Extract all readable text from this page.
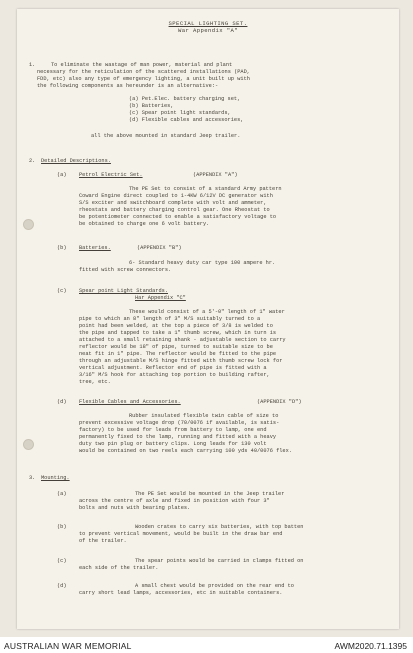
SPECIAL LIGHTING SET.
War Appendix "A"
1.	To eliminate the wastage of man power, material and plant
necessary for the reticulation of the scattered installations (PAD,
FDD, etc) also any type of emergency lighting, a unit built up with
the following components as hereunder is an alternative:-
(a) Pet.Elec. battery charging set,
(b) Batteries,
(c) Spear point light standards,
(d) Flexible cables and accessories,
all the above mounted in standard Jeep trailer.
2. Detailed Descriptions.
(a) Petrol Electric Set.	(APPENDIX "A")
The PE Set to consist of a standard Army pattern
Coward Engine direct coupled to 1-4KW 6/12V DC generator with
S/S exciter and switchboard complete with volt and ammeter,
rheostats and battery charging control gear. One Rheostat to
be potentiometer connected to enable a satisfactory voltage to
be obtained to charge one 6 volt battery.
(b) Batteries.	(APPENDIX "B")
6- Standard heavy duty car type 100 ampere hr.
fitted with screw connectors.
(c) Spear point Light Standards.
Har Appendix "C"
These would consist of a 5'-0" length of 1" water
pipe to which an 8" length of 3" M/S suitably turned to a
point had been welded, at the top a piece of 3/8 is welded to
the pipe and tapped to take a 1" thumb screw, which in turn is
attached to a small retaining shank - adjustable section to carry
reflector would be 18" of pipe, turned to suitable size to be
neat fit in 1" pipe. The reflector would be fitted to the pipe
through an adjustable M/S hinge fitted with thumb screw lock for
vertical adjustment. Reflector end of pipe is fitted with a
3/16" M/S hook for attaching top portion to building rafter,
tree, etc.
(d) Flexible Cables and Accessories.	(APPENDIX "D")
Rubber insulated flexible twin cable of size to
prevent excessive voltage drop (70/0076 if available, is satis-
factory) to be used for leads from battery to lamp, one end
permanently fixed to the lamp, running and fitted with a heavy
duty two pin plug or battery clips. Long leads for 130 volt
would be contained on two reels each carrying 100 yds 40/0076 flex.
3. Mounting.
(a)	The PE Set would be mounted in the Jeep trailer
across the centre of axle and fixed in position with four 3"
bolts and nuts with bearing plates.
(b)	Wooden crates to carry six batteries, with top batten
to prevent vertical movement, would be built in the draw bar end
of the trailer.
(c)	The spear points would be carried in clamps fitted on
each side of the trailer.
(d)	A small chest would be provided on the rear end to
carry short lead lamps, accessories, etc in suitable containers.
AUSTRALIAN WAR MEMORIAL	AWM2020.71.1395
